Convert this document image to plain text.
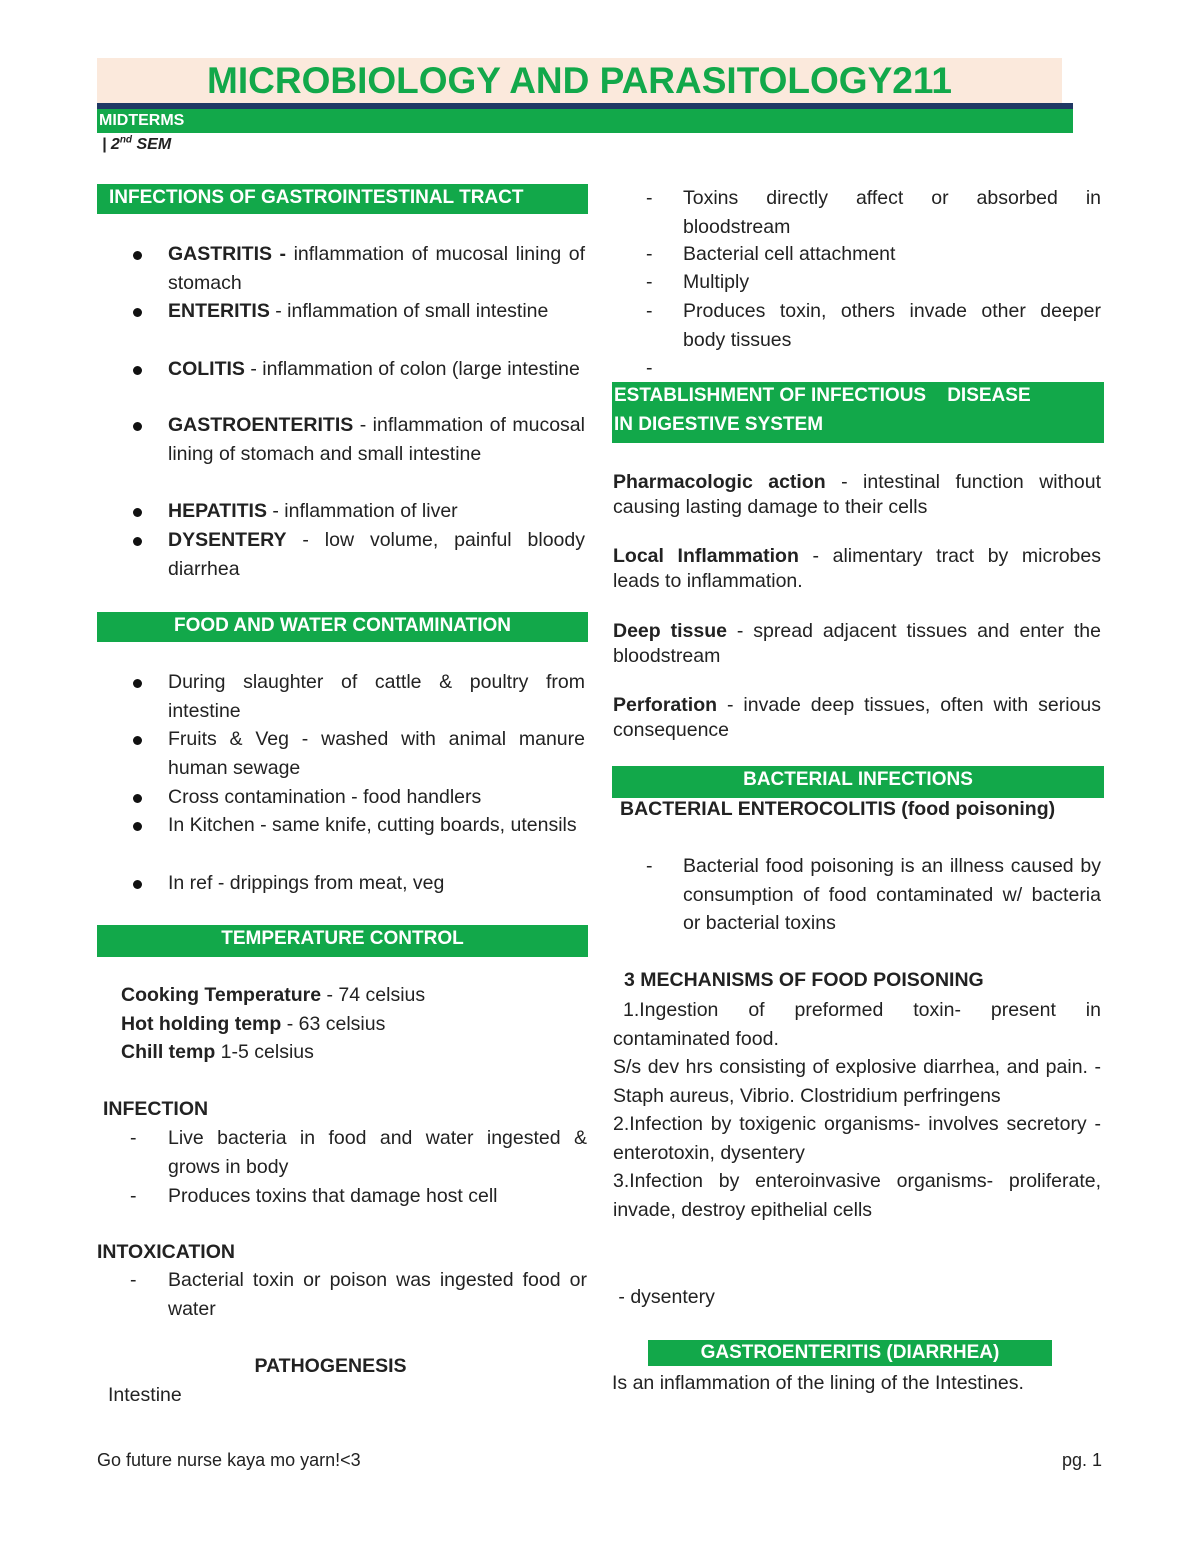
MICROBIOLOGY AND PARASITOLOGY211
MIDTERMS
| 2nd SEM
INFECTIONS OF GASTROINTESTINAL TRACT
GASTRITIS - inflammation of mucosal lining of stomach
ENTERITIS - inflammation of small intestine
COLITIS - inflammation of colon (large intestine
GASTROENTERITIS - inflammation of mucosal lining of stomach and small intestine
HEPATITIS - inflammation of liver
DYSENTERY - low volume, painful bloody diarrhea
FOOD AND WATER CONTAMINATION
During slaughter of cattle & poultry from intestine
Fruits & Veg - washed with animal manure human sewage
Cross contamination - food handlers
In Kitchen - same knife, cutting boards, utensils
In ref - drippings from meat, veg
TEMPERATURE CONTROL
Cooking Temperature - 74 celsius
Hot holding temp - 63 celsius
Chill temp 1-5 celsius
INFECTION
- Live bacteria in food and water ingested & grows in body
- Produces toxins that damage host cell
INTOXICATION
- Bacterial toxin or poison was ingested food or water
PATHOGENESIS
Intestine
- Toxins directly affect or absorbed in bloodstream
- Bacterial cell attachment
- Multiply
- Produces toxin, others invade other deeper body tissues
-
ESTABLISHMENT OF INFECTIOUS    DISEASE
IN DIGESTIVE SYSTEM
Pharmacologic action - intestinal function without causing lasting damage to their cells
Local Inflammation - alimentary tract by microbes leads to inflammation.
Deep tissue - spread adjacent tissues and enter the bloodstream
Perforation - invade deep tissues, often with serious consequence
BACTERIAL INFECTIONS
BACTERIAL ENTEROCOLITIS (food poisoning)
- Bacterial food poisoning is an illness caused by consumption of food contaminated w/ bacteria or bacterial toxins
3 MECHANISMS OF FOOD POISONING
1.Ingestion of preformed toxin- present in contaminated food.
S/s dev hrs consisting of explosive diarrhea, and pain. - Staph aureus, Vibrio. Clostridium perfringens
2.Infection by toxigenic organisms- involves secretory - enterotoxin, dysentery
3.Infection by enteroinvasive organisms- proliferate, invade, destroy epithelial cells
- dysentery
GASTROENTERITIS (DIARRHEA)
Is an inflammation of the lining of the Intestines.
Go future nurse kaya mo yarn!<3	pg. 1
